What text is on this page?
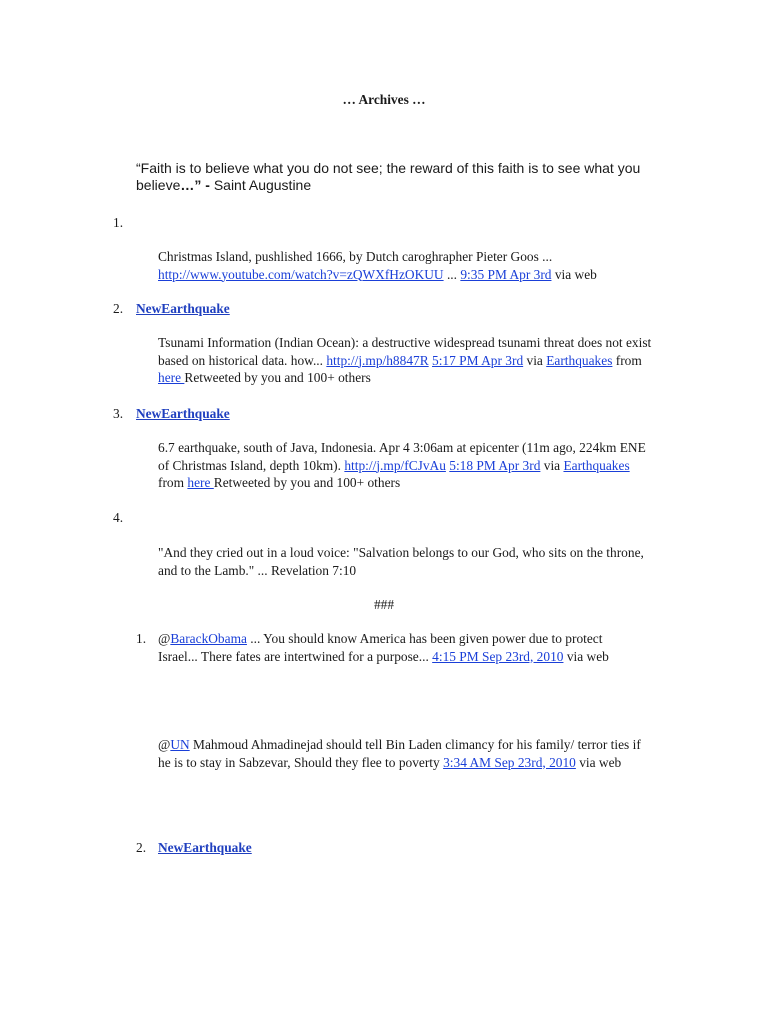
… Archives …
“Faith is to believe what you do not see; the reward of this faith is to see what you believe…” - Saint Augustine
1.
Christmas Island, pushlished 1666, by Dutch caroghrapher Pieter Goos ...
http://www.youtube.com/watch?v=zQWXfHzOKUU ... 9:35 PM Apr 3rd via web
2. NewEarthquake
Tsunami Information (Indian Ocean): a destructive widespread tsunami threat does not exist based on historical data. how... http://j.mp/h8847R 5:17 PM Apr 3rd via Earthquakes from here Retweeted by you and 100+ others
3. NewEarthquake
6.7 earthquake, south of Java, Indonesia. Apr 4 3:06am at epicenter (11m ago, 224km ENE of Christmas Island, depth 10km). http://j.mp/fCJvAu 5:18 PM Apr 3rd via Earthquakes from here Retweeted by you and 100+ others
4.
"And they cried out in a loud voice: "Salvation belongs to our God, who sits on the throne, and to the Lamb." ... Revelation 7:10
###
1. @BarackObama ... You should know America has been given power due to protect Israel... There fates are intertwined for a purpose... 4:15 PM Sep 23rd, 2010 via web
@UN Mahmoud Ahmadinejad should tell Bin Laden climancy for his family/ terror ties if he is to stay in Sabzevar, Should they flee to poverty 3:34 AM Sep 23rd, 2010 via web
2. NewEarthquake
